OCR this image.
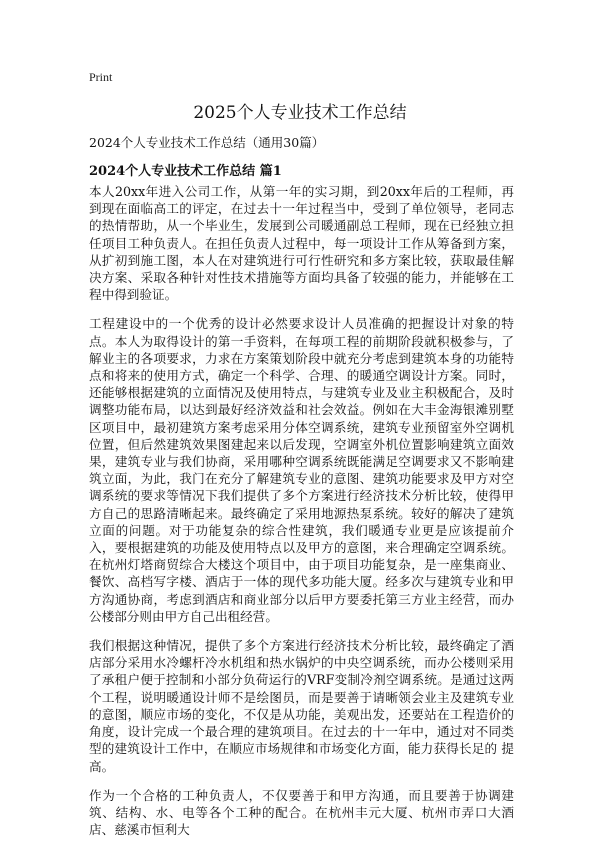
Print
2025个人专业技术工作总结

2024个人专业技术工作总结（通用30篇）

2024个人专业技术工作总结 篇1

本人20xx年进入公司工作，从第一年的实习期，到20xx年后的工程师，再到现在面临高工的评定，在过去十一年过程当中，受到了单位领导，老同志的热情帮助，从一个毕业生，发展到公司暖通副总工程师，现在已经独立担任项目工种负责人。在担任负责人过程中，每一项设计工作从筹备到方案，从扩初到施工图，本人在对建筑进行可行性研究和多方案比较，获取最佳解决方案、采取各种针对性技术措施等方面均具备了较强的能力，并能够在工程中得到验证。

工程建设中的一个优秀的设计必然要求设计人员准确的把握设计对象的特点。本人为取得设计的第一手资料，在每项工程的前期阶段就积极参与，了解业主的各项要求，力求在方案策划阶段中就充分考虑到建筑本身的功能特点和将来的使用方式，确定一个科学、合理、的暖通空调设计方案。同时，还能够根据建筑的立面情况及使用特点，与建筑专业及业主积极配合，及时调整功能布局，以达到最好经济效益和社会效益。例如在大丰金海银滩别墅区项目中，最初建筑方案考虑采用分体空调系统，建筑专业预留室外空调机位置，但后然建筑效果图建起来以后发现，空调室外机位置影响建筑立面效果，建筑专业与我们协商，采用哪种空调系统既能满足空调要求又不影响建筑立面，为此，我门在充分了解建筑专业的意图、建筑功能要求及甲方对空调系统的要求等情况下我们提供了多个方案进行经济技术分析比较，使得甲方自己的思路清晰起来。最终确定了采用地源热泵系统。较好的解决了建筑立面的问题。对于功能复杂的综合性建筑，我们暖通专业更是应该提前介入，要根据建筑的功能及使用特点以及甲方的意图，来合理确定空调系统。在杭州灯塔商贸综合大楼这个项目中，由于项目功能复杂，是一座集商业、餐饮、高档写字楼、酒店于一体的现代多功能大厦。经多次与建筑专业和甲方沟通协商，考虑到酒店和商业部分以后甲方要委托第三方业主经营，而办公楼部分则由甲方自己出租经营。

我们根据这种情况，提供了多个方案进行经济技术分析比较，最终确定了酒店部分采用水冷螺杆冷水机组和热水锅炉的中央空调系统，而办公楼则采用了承租户便于控制和小部分负荷运行的VRF变制冷剂空调系统。是通过这两个工程，说明暖通设计师不是绘图员，而是要善于请晰领会业主及建筑专业的意图，顺应市场的变化，不仅是从功能，美观出发，还要站在工程造价的角度，设计完成一个最合理的建筑项目。在过去的十一年中，通过对不同类型的建筑设计工作中，在顺应市场规律和市场变化方面，能力获得长足的 提高。

作为一个合格的工种负责人，不仅要善于和甲方沟通，而且要善于协调建筑、结构、水、电等各个工种的配合。在杭州丰元大厦、杭州市弄口大酒店、慈溪市恒利大
